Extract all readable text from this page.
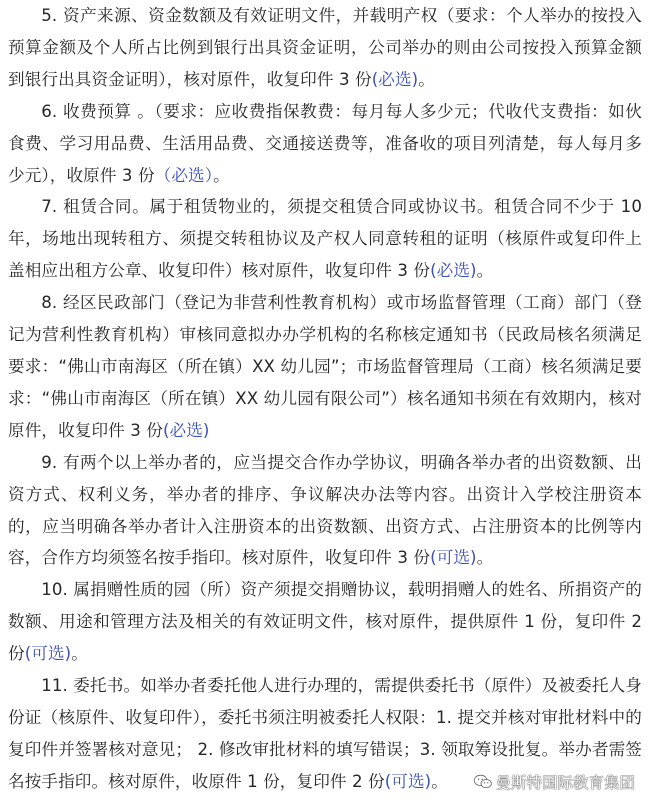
5. 资产来源、资金数额及有效证明文件，并载明产权（要求：个人举办的按投入预算金额及个人所占比例到银行出具资金证明，公司举办的则由公司按投入预算金额到银行出具资金证明），核对原件，收复印件 3 份(必选)。

6. 收费预算 。（要求：应收费指保教费：每月每人多少元；代收代支费指：如伙食费、学习用品费、生活用品费、交通接送费等，准备收的项目列清楚，每人每月多少元），收原件 3 份（必选）。

7. 租赁合同。属于租赁物业的，须提交租赁合同或协议书。租赁合同不少于 10 年，场地出现转租方、须提交转租协议及产权人同意转租的证明（核原件或复印件上盖相应出租方公章、收复印件）核对原件，收复印件 3 份(必选)。

8. 经区民政部门（登记为非营利性教育机构）或市场监督管理（工商）部门（登记为营利性教育机构）审核同意拟办办学机构的名称核定通知书（民政局核名须满足要求：“佛山市南海区（所在镇）XX 幼儿园”；市场监督管理局（工商）核名须满足要求：“佛山市南海区（所在镇）XX 幼儿园有限公司”）核名通知书须在有效期内，核对原件，收复印件 3 份(必选)

9. 有两个以上举办者的，应当提交合作办学协议，明确各举办者的出资数额、出资方式、权利义务，举办者的排序、争议解决办法等内容。出资计入学校注册资本的，应当明确各举办者计入注册资本的出资数额、出资方式、占注册资本的比例等内容，合作方均须签名按手指印。核对原件，收复印件 3 份(可选)。

10. 属捐赠性质的园（所）资产须提交捐赠协议，载明捐赠人的姓名、所捐资产的数额、用途和管理方法及相关的有效证明文件，核对原件，提供原件 1 份，复印件 2 份(可选)。

11. 委托书。如举办者委托他人进行办理的，需提供委托书（原件）及被委托人身份证（核原件、收复印件），委托书须注明被委托人权限：1. 提交并核对审批材料中的复印件并签署核对意见； 2. 修改审批材料的填写错误；3. 领取筹设批复。举办者需签名按手指印。核对原件，收原件 1 份，复印件 2 份(可选)。	曼斯特国际教育集团
